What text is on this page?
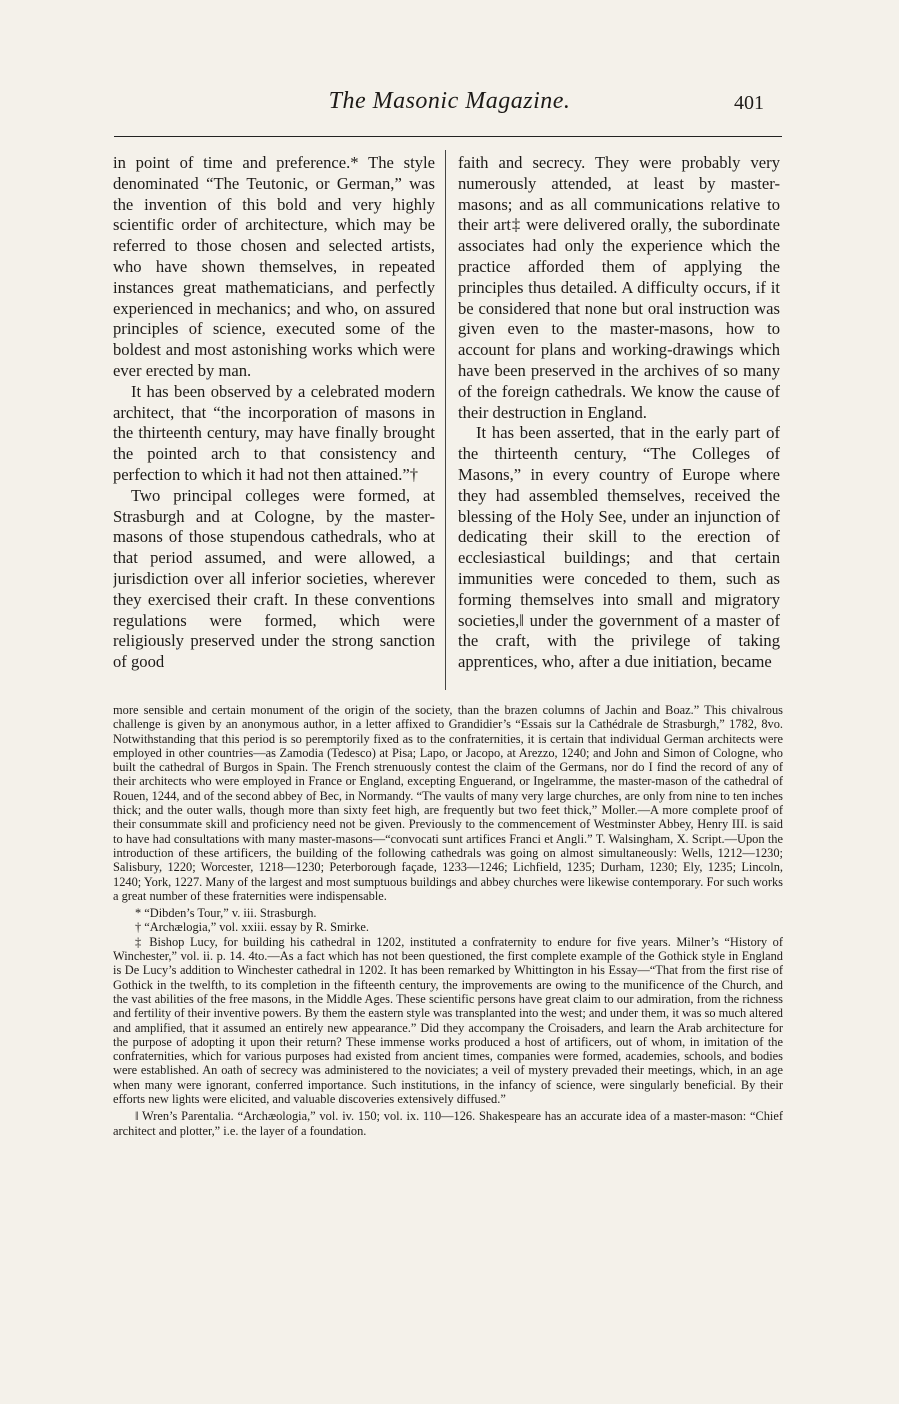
The Masonic Magazine.	401

in point of time and preference.* The style denominated “The Teutonic, or German,” was the invention of this bold and very highly scientific order of architecture, which may be referred to those chosen and selected artists, who have shown themselves, in repeated instances great mathematicians, and perfectly experienced in mechanics; and who, on assured principles of science, executed some of the boldest and most astonishing works which were ever erected by man.

It has been observed by a celebrated modern architect, that “the incorporation of masons in the thirteenth century, may have finally brought the pointed arch to that consistency and perfection to which it had not then attained.”†

Two principal colleges were formed, at Strasburgh and at Cologne, by the master-masons of those stupendous cathedrals, who at that period assumed, and were allowed, a jurisdiction over all inferior societies, wherever they exercised their craft. In these conventions regulations were formed, which were religiously preserved under the strong sanction of good

faith and secrecy. They were probably very numerously attended, at least by master-masons; and as all communications relative to their art‡ were delivered orally, the subordinate associates had only the experience which the practice afforded them of applying the principles thus detailed. A difficulty occurs, if it be considered that none but oral instruction was given even to the master-masons, how to account for plans and working-drawings which have been preserved in the archives of so many of the foreign cathedrals. We know the cause of their destruction in England.

It has been asserted, that in the early part of the thirteenth century, “The Colleges of Masons,” in every country of Europe where they had assembled themselves, received the blessing of the Holy See, under an injunction of dedicating their skill to the erection of ecclesiastical buildings; and that certain immunities were conceded to them, such as forming themselves into small and migratory societies,‖ under the government of a master of the craft, with the privilege of taking apprentices, who, after a due initiation, became

more sensible and certain monument of the origin of the society, than the brazen columns of Jachin and Boaz.” This chivalrous challenge is given by an anonymous author, in a letter affixed to Grandidier’s “Essais sur la Cathédrale de Strasburgh,” 1782, 8vo. Notwithstanding that this period is so peremptorily fixed as to the confraternities, it is certain that individual German architects were employed in other countries—as Zamodia (Tedesco) at Pisa; Lapo, or Jacopo, at Arezzo, 1240; and John and Simon of Cologne, who built the cathedral of Burgos in Spain. The French strenuously contest the claim of the Germans, nor do I find the record of any of their architects who were employed in France or England, excepting Enguerand, or Ingelramme, the master-mason of the cathedral of Rouen, 1244, and of the second abbey of Bec, in Normandy. “The vaults of many very large churches, are only from nine to ten inches thick; and the outer walls, though more than sixty feet high, are frequently but two feet thick,” Moller.—A more complete proof of their consummate skill and proficiency need not be given. Previously to the commencement of Westminster Abbey, Henry III. is said to have had consultations with many master-masons—“convocati sunt artifices Franci et Angli.” T. Walsingham, X. Script.—Upon the introduction of these artificers, the building of the following cathedrals was going on almost simultaneously: Wells, 1212—1230; Salisbury, 1220; Worcester, 1218—1230; Peterborough façade, 1233—1246; Lichfield, 1235; Durham, 1230; Ely, 1235; Lincoln, 1240; York, 1227. Many of the largest and most sumptuous buildings and abbey churches were likewise contemporary. For such works a great number of these fraternities were indispensable.

* “Dibden’s Tour,” v. iii. Strasburgh.

† “Archælogia,” vol. xxiii. essay by R. Smirke.

‡ Bishop Lucy, for building his cathedral in 1202, instituted a confraternity to endure for five years. Milner’s “History of Winchester,” vol. ii. p. 14. 4to.—As a fact which has not been questioned, the first complete example of the Gothick style in England is De Lucy’s addition to Winchester cathedral in 1202. It has been remarked by Whittington in his Essay—“That from the first rise of Gothick in the twelfth, to its completion in the fifteenth century, the improvements are owing to the munificence of the Church, and the vast abilities of the free masons, in the Middle Ages. These scientific persons have great claim to our admiration, from the richness and fertility of their inventive powers. By them the eastern style was transplanted into the west; and under them, it was so much altered and amplified, that it assumed an entirely new appearance.” Did they accompany the Croisaders, and learn the Arab architecture for the purpose of adopting it upon their return? These immense works produced a host of artificers, out of whom, in imitation of the confraternities, which for various purposes had existed from ancient times, companies were formed, academies, schools, and bodies were established. An oath of secrecy was administered to the noviciates; a veil of mystery prevaded their meetings, which, in an age when many were ignorant, conferred importance. Such institutions, in the infancy of science, were singularly beneficial. By their efforts new lights were elicited, and valuable discoveries extensively diffused.”

‖ Wren’s Parentalia. “Archæologia,” vol. iv. 150; vol. ix. 110—126. Shakespeare has an accurate idea of a master-mason: “Chief architect and plotter,” i.e. the layer of a foundation.
